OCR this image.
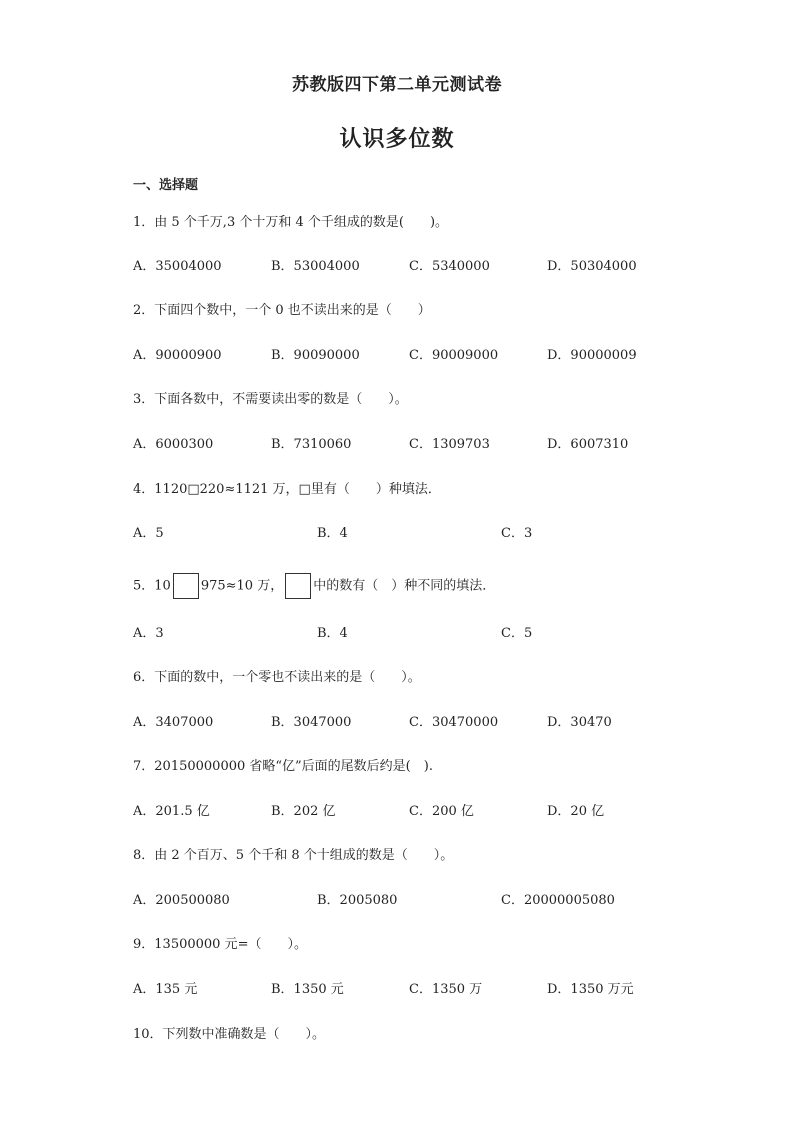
苏教版四下第二单元测试卷
认识多位数
一、选择题
1．由 5 个千万,3 个十万和 4 个千组成的数是(　　)。
A．35004000	B．53004000	C．5340000	D．50304000
2．下面四个数中，一个 0 也不读出来的是（　　）
A．90000900	B．90090000	C．90009000	D．90000009
3．下面各数中，不需要读出零的数是（　　）。
A．6000300	B．7310060	C．1309703	D．6007310
4．1120□220≈1121 万，□里有（　　）种填法．
A．5	B．4	C．3
5．10 975≈10 万， 中的数有（　）种不同的填法．
A．3	B．4	C．5
6．下面的数中，一个零也不读出来的是（　　）。
A．3407000	B．3047000	C．30470000	D．30470
7．20150000000 省略“亿”后面的尾数后约是(　).
A．201.5 亿	B．202 亿	C．200 亿	D．20 亿
8．由 2 个百万、5 个千和 8 个十组成的数是（　　）。
A．200500080	B．2005080	C．20000005080
9．13500000 元=（　　）。
A．135 元	B．1350 元	C．1350 万	D．1350 万元
10．下列数中准确数是（　　）。
